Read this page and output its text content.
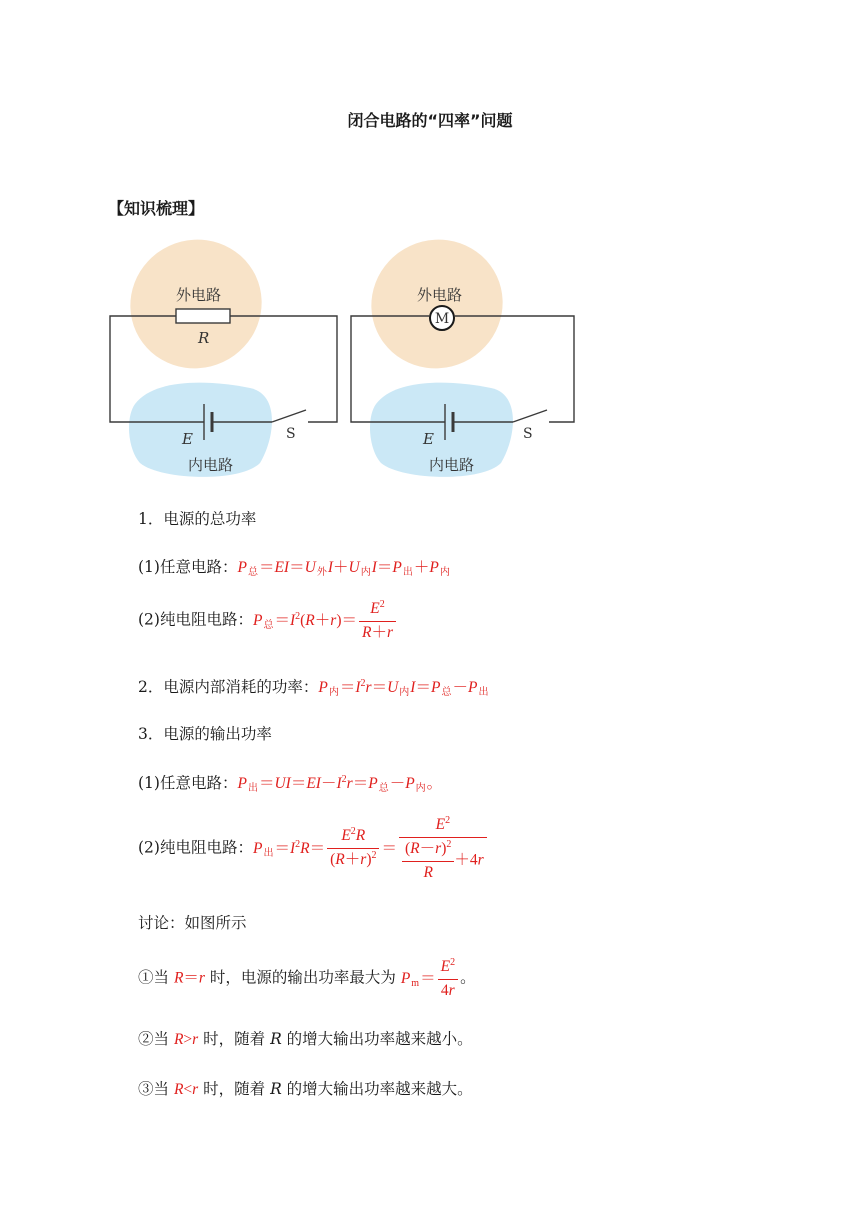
闭合电路的“四率”问题
【知识梳理】
外电路
R
E	S
内电路
外电路
M
E	S
内电路
1．电源的总功率
(1)任意电路：P总＝EI＝U外I＋U内I＝P出＋P内
(2)纯电阻电路：P总$=I^2(R+r)= \frac{E^2}{R+r}$
2．电源内部消耗的功率：P内$=I^2r=U$内I＝P总－P出
3．电源的输出功率
(1)任意电路：P出$=UI=EI-I^2r=P$总－P内。
(2)纯电阻电路：P出$=I^2R= \frac{E^2R}{(R+r)^2} = \frac{E^2}{\frac{(R-r)^2}{R} +4r}$
讨论：如图所示
①当 R＝r 时，电源的输出功率最大为 $Pm= \frac{E^2}{4r}$ 。
②当 R>r 时，随着 R 的增大输出功率越来越小。
③当 R<r 时，随着 R 的增大输出功率越来越大。
